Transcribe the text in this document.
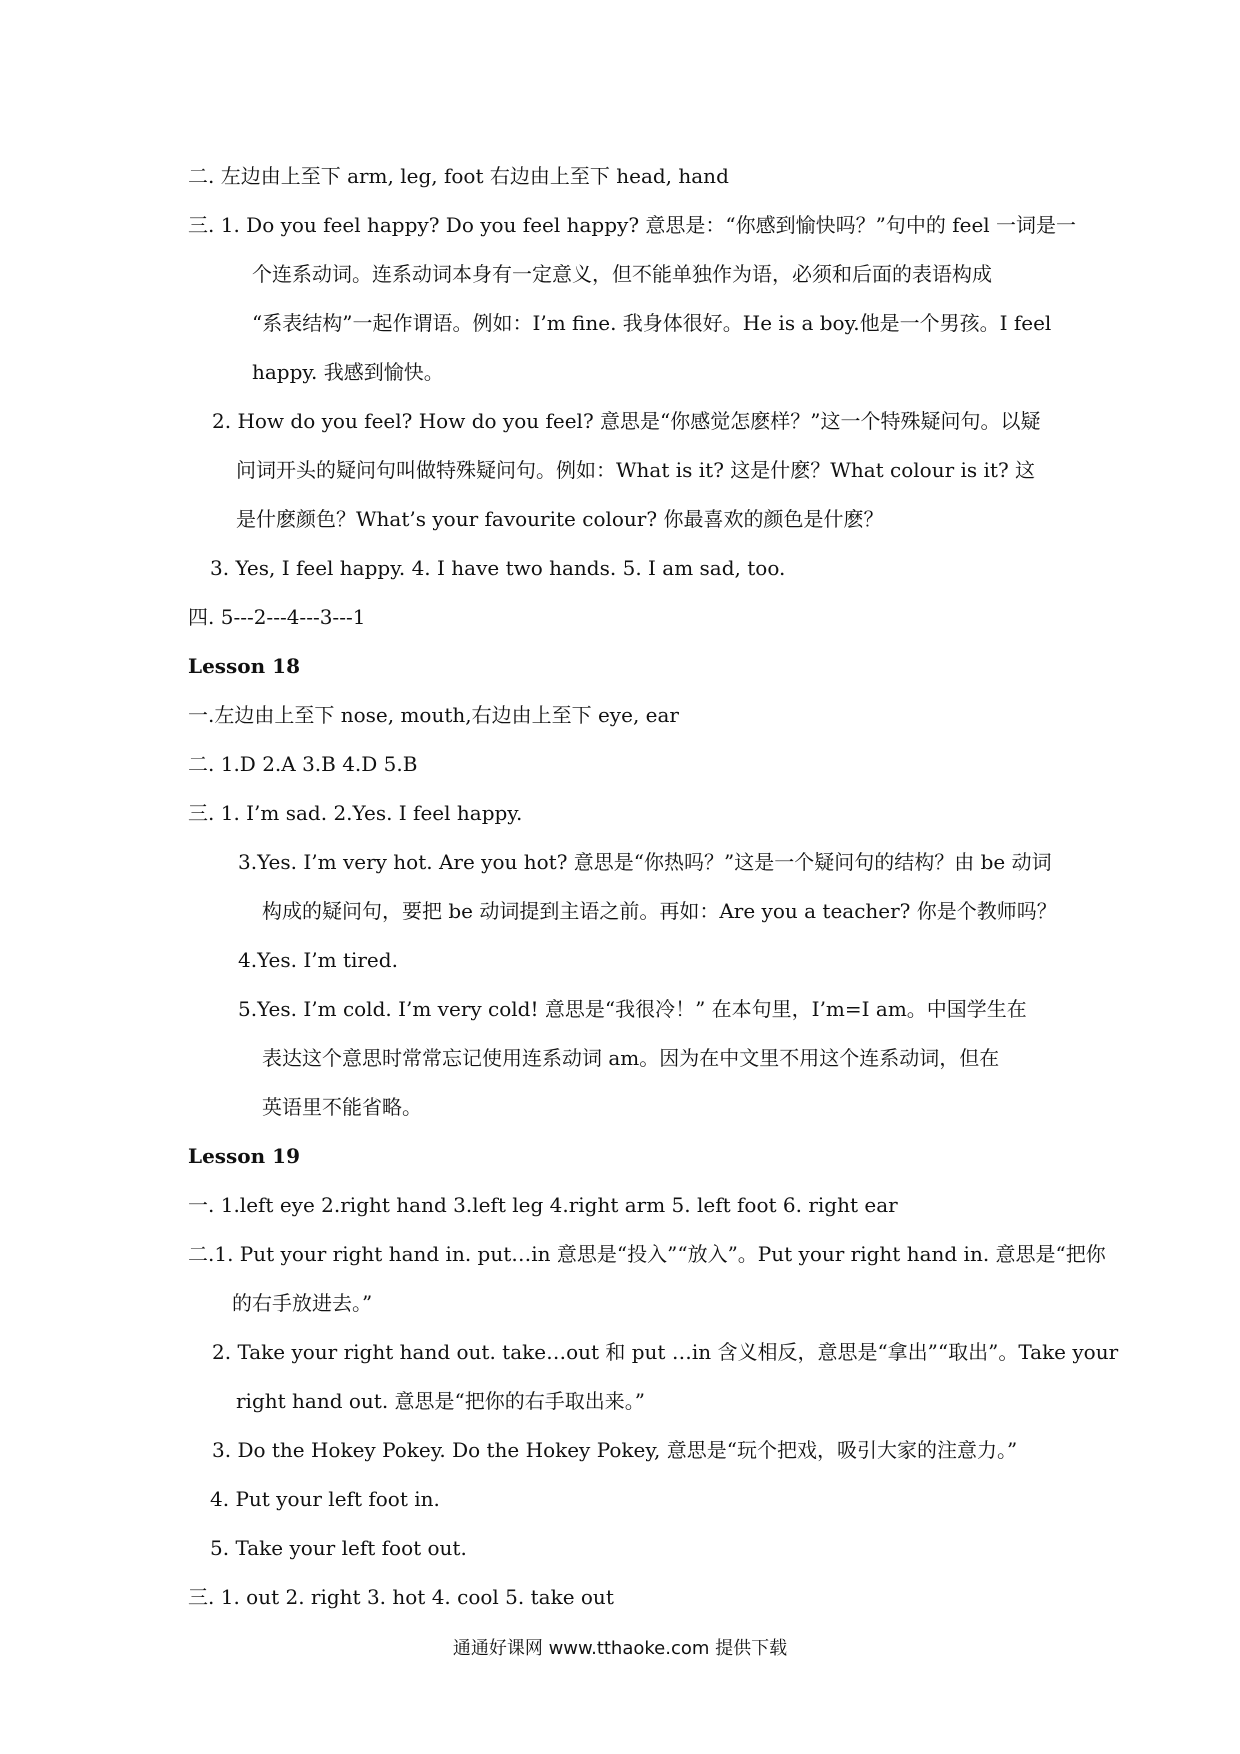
二. 左边由上至下 arm, leg, foot 右边由上至下 head, hand
三. 1. Do you feel happy? Do you feel happy? 意思是：“你感到愉快吗？”句中的 feel 一词是一
个连系动词。连系动词本身有一定意义，但不能单独作为语，必须和后面的表语构成
“系表结构”一起作谓语。例如：I’m fine. 我身体很好。He is a boy.他是一个男孩。I feel
happy. 我感到愉快。
2. How do you feel? How do you feel? 意思是“你感觉怎麽样？”这一个特殊疑问句。以疑
问词开头的疑问句叫做特殊疑问句。例如：What is it? 这是什麽？What colour is it? 这
是什麽颜色？What’s your favourite colour? 你最喜欢的颜色是什麽？
3. Yes, I feel happy. 4. I have two hands. 5. I am sad, too.
四. 5---2---4---3---1
Lesson 18
一.左边由上至下 nose, mouth,右边由上至下 eye, ear
二. 1.D 2.A 3.B 4.D 5.B
三. 1. I’m sad. 2.Yes. I feel happy.
3.Yes. I’m very hot. Are you hot? 意思是“你热吗？”这是一个疑问句的结构？由 be 动词
构成的疑问句，要把 be 动词提到主语之前。再如：Are you a teacher? 你是个教师吗？
4.Yes. I’m tired.
5.Yes. I’m cold. I’m very cold! 意思是“我很冷！” 在本句里，I’m=I am。中国学生在
表达这个意思时常常忘记使用连系动词 am。因为在中文里不用这个连系动词，但在
英语里不能省略。
Lesson 19
一. 1.left eye 2.right hand 3.left leg 4.right arm 5. left foot 6. right ear
二.1. Put your right hand in. put…in 意思是“投入”“放入”。Put your right hand in. 意思是“把你
的右手放进去。”
2. Take your right hand out. take…out 和 put …in 含义相反，意思是“拿出”“取出”。Take your
right hand out. 意思是“把你的右手取出来。”
3. Do the Hokey Pokey. Do the Hokey Pokey, 意思是“玩个把戏，吸引大家的注意力。”
4. Put your left foot in.
5. Take your left foot out.
三. 1. out 2. right 3. hot 4. cool 5. take out
通通好课网 www.tthaoke.com 提供下载
